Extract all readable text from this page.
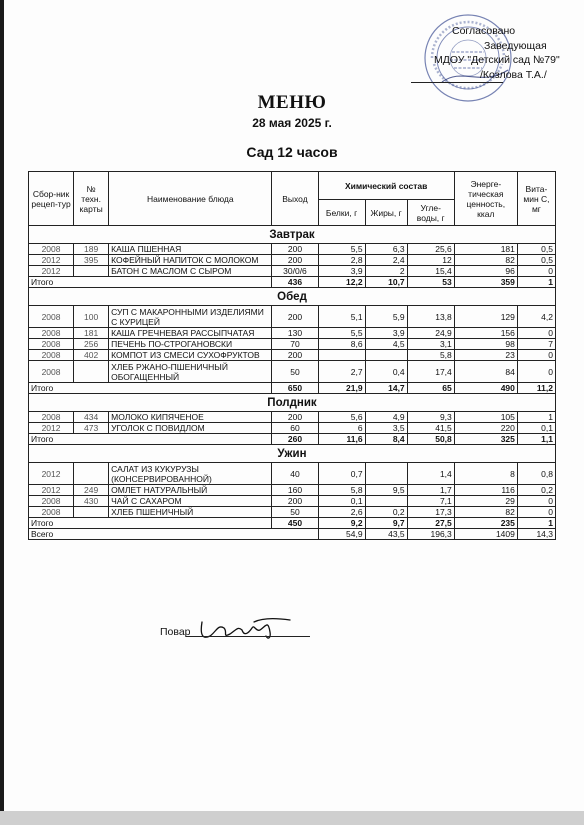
Согласовано
Заведующая
МДОУ "Детский сад №79"
/Козлова Т.А./
МЕНЮ
28 мая 2025 г.
Сад 12 часов
Сбор-ник рецеп-тур	№ техн. карты	Наименование блюда	Выход	Химический состав			Энерге-тическая ценность, ккал	Вита-мин С, мг
				Белки, г	Жиры, г	Угле-воды, г		
Завтрак								
2008	189	КАША ПШЕННАЯ	200	5,5	6,3	25,6	181	0,5
2012	395	КОФЕЙНЫЙ НАПИТОК С МОЛОКОМ	200	2,8	2,4	12	82	0,5
2012		БАТОН С МАСЛОМ С СЫРОМ	30/0/6	3,9	2	15,4	96	0
Итого			436	12,2	10,7	53	359	1
Обед								
2008	100	СУП С МАКАРОННЫМИ ИЗДЕЛИЯМИ С КУРИЦЕЙ	200	5,1	5,9	13,8	129	4,2
2008	181	КАША ГРЕЧНЕВАЯ РАССЫПЧАТАЯ	130	5,5	3,9	24,9	156	0
2008	256	ПЕЧЕНЬ ПО-СТРОГАНОВСКИ	70	8,6	4,5	3,1	98	7
2008	402	КОМПОТ ИЗ СМЕСИ СУХОФРУКТОВ	200			5,8	23	0
2008		ХЛЕБ РЖАНО-ПШЕНИЧНЫЙ ОБОГАЩЕННЫЙ	50	2,7	0,4	17,4	84	0
Итого			650	21,9	14,7	65	490	11,2
Полдник								
2008	434	МОЛОКО КИПЯЧЕНОЕ	200	5,6	4,9	9,3	105	1
2012	473	УГОЛОК С ПОВИДЛОМ	60	6	3,5	41,5	220	0,1
Итого			260	11,6	8,4	50,8	325	1,1
Ужин								
2012		САЛАТ ИЗ КУКУРУЗЫ (КОНСЕРВИРОВАННОЙ)	40	0,7		1,4	8	0,8
2012	249	ОМЛЕТ НАТУРАЛЬНЫЙ	160	5,8	9,5	1,7	116	0,2
2008	430	ЧАЙ С САХАРОМ	200	0,1		7,1	29	0
2008		ХЛЕБ ПШЕНИЧНЫЙ	50	2,6	0,2	17,3	82	0
Итого			450	9,2	9,7	27,5	235	1
Всего				54,9	43,5	196,3	1409	14,3
Повар
